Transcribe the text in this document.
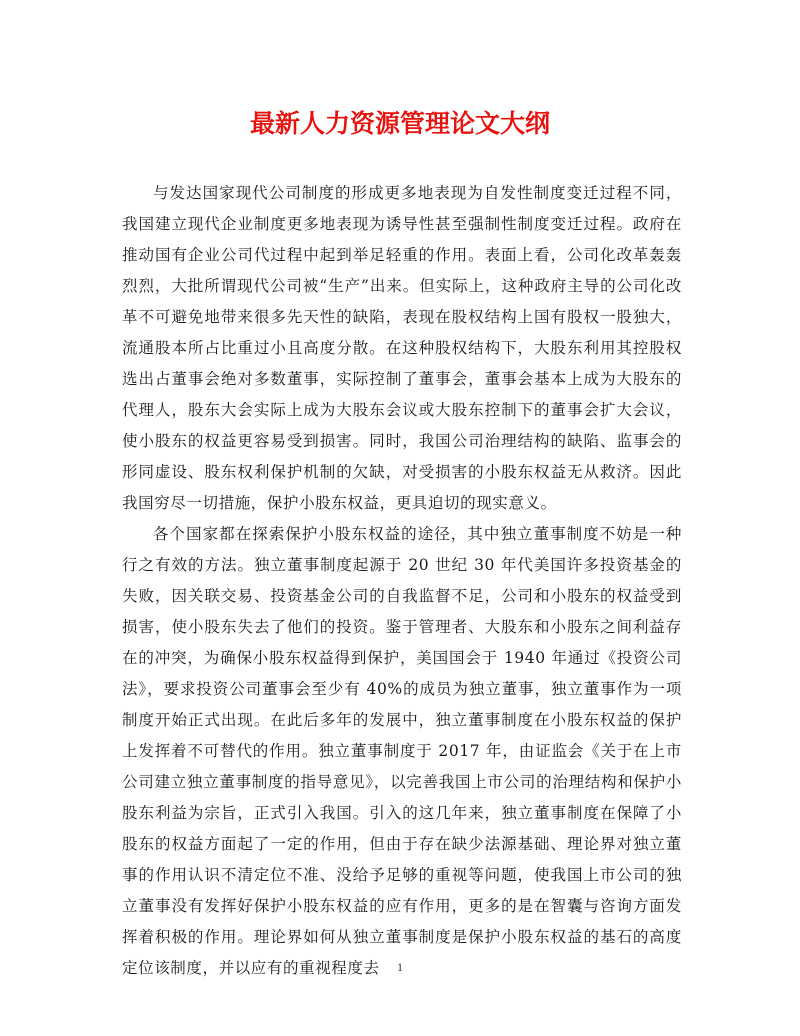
最新人力资源管理论文大纲

与发达国家现代公司制度的形成更多地表现为自发性制度变迁过程不同，我国建立现代企业制度更多地表现为诱导性甚至强制性制度变迁过程。政府在推动国有企业公司代过程中起到举足轻重的作用。表面上看，公司化改革轰轰烈烈，大批所谓现代公司被“生产”出来。但实际上，这种政府主导的公司化改革不可避免地带来很多先天性的缺陷，表现在股权结构上国有股权一股独大，流通股本所占比重过小且高度分散。在这种股权结构下，大股东利用其控股权选出占董事会绝对多数董事，实际控制了董事会，董事会基本上成为大股东的代理人，股东大会实际上成为大股东会议或大股东控制下的董事会扩大会议，使小股东的权益更容易受到损害。同时，我国公司治理结构的缺陷、监事会的形同虚设、股东权利保护机制的欠缺，对受损害的小股东权益无从救济。因此我国穷尽一切措施，保护小股东权益，更具迫切的现实意义。

各个国家都在探索保护小股东权益的途径，其中独立董事制度不妨是一种行之有效的方法。独立董事制度起源于 20 世纪 30 年代美国许多投资基金的失败，因关联交易、投资基金公司的自我监督不足，公司和小股东的权益受到损害，使小股东失去了他们的投资。鉴于管理者、大股东和小股东之间利益存在的冲突，为确保小股东权益得到保护，美国国会于 1940 年通过《投资公司法》，要求投资公司董事会至少有 40%的成员为独立董事，独立董事作为一项制度开始正式出现。在此后多年的发展中，独立董事制度在小股东权益的保护上发挥着不可替代的作用。独立董事制度于 2017 年，由证监会《关于在上市公司建立独立董事制度的指导意见》，以完善我国上市公司的治理结构和保护小股东利益为宗旨，正式引入我国。引入的这几年来，独立董事制度在保障了小股东的权益方面起了一定的作用，但由于存在缺少法源基础、理论界对独立董事的作用认识不清定位不准、没给予足够的重视等问题，使我国上市公司的独立董事没有发挥好保护小股东权益的应有作用，更多的是在智囊与咨询方面发挥着积极的作用。理论界如何从独立董事制度是保护小股东权益的基石的高度定位该制度，并以应有的重视程度去	1
